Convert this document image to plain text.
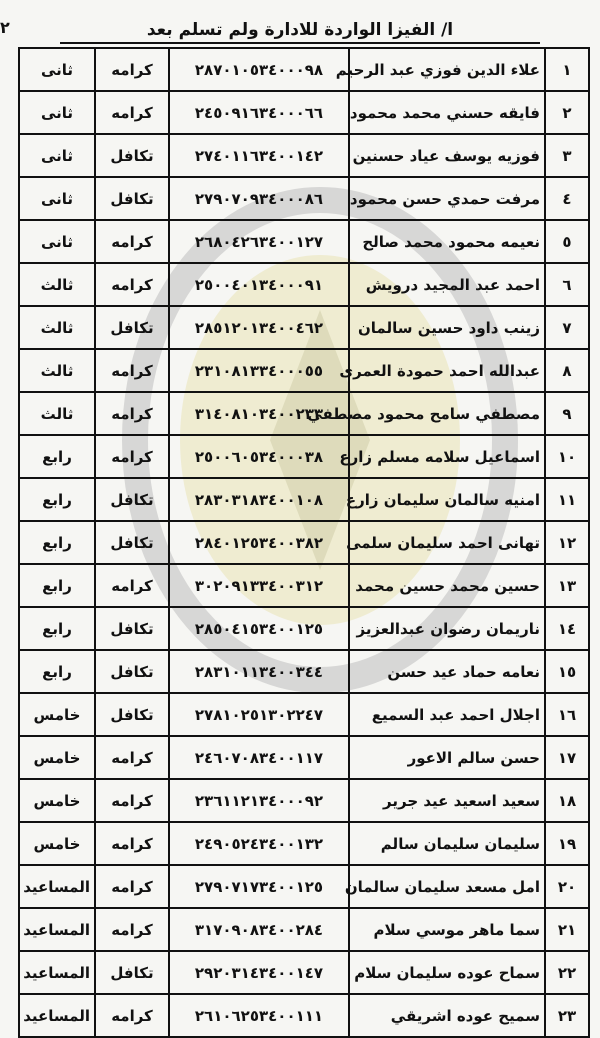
٢	ا/ الفيزا الواردة للادارة ولم تسلم بعد
١	علاء الدين فوزي عبد الرحيم	٢٨٧٠١٠٥٣٤٠٠٠٩٨	كرامه	ثانى
٢	فايقه حسني محمد محمود	٢٤٥٠٩١٦٣٤٠٠٠٦٦	كرامه	ثانى
٣	فوزيه يوسف عياد حسنين	٢٧٤٠١١٦٣٤٠٠١٤٢	تكافل	ثانى
٤	مرفت حمدي حسن محمود	٢٧٩٠٧٠٩٣٤٠٠٠٨٦	تكافل	ثانى
٥	نعيمه محمود محمد صالح	٢٦٨٠٤٢٦٣٤٠٠١٢٧	كرامه	ثانى
٦	احمد عبد المجيد درويش	٢٥٠٠٤٠١٣٤٠٠٠٩١	كرامه	ثالث
٧	زينب داود حسين سالمان	٢٨٥١٢٠١٣٤٠٠٤٦٢	تكافل	ثالث
٨	عبدالله احمد حمودة العمرى	٢٣١٠٨١٣٣٤٠٠٠٥٥	كرامه	ثالث
٩	مصطفي سامح محمود مصطفي	٣١٤٠٨١٠٣٤٠٠٢٣٣	كرامه	ثالث
١٠	اسماعيل سلامه مسلم زارع	٢٥٠٠٦٠٥٣٤٠٠٠٣٨	كرامه	رابع
١١	امنيه سالمان سليمان زارع	٢٨٣٠٣١٨٣٤٠٠١٠٨	تكافل	رابع
١٢	تهانى احمد سليمان سلمى	٢٨٤٠١٢٥٣٤٠٠٣٨٢	تكافل	رابع
١٣	حسين محمد حسين محمد	٣٠٢٠٩١٣٣٤٠٠٣١٢	كرامه	رابع
١٤	ناريمان رضوان عبدالعزيز	٢٨٥٠٤١٥٣٤٠٠١٢٥	تكافل	رابع
١٥	نعامه حماد عيد حسن	٢٨٣١٠١١٣٤٠٠٣٤٤	تكافل	رابع
١٦	اجلال احمد عبد السميع	٢٧٨١٠٢٥١٣٠٢٢٤٧	تكافل	خامس
١٧	حسن سالم الاعور	٢٤٦٠٧٠٨٣٤٠٠١١٧	كرامه	خامس
١٨	سعيد اسعيد عيد جرير	٢٣٦١١٢١٣٤٠٠٠٩٢	كرامه	خامس
١٩	سليمان سليمان سالم	٢٤٩٠٥٢٤٣٤٠٠١٣٢	كرامه	خامس
٢٠	امل مسعد سليمان سالمان	٢٧٩٠٧١٧٣٤٠٠١٢٥	كرامه	المساعيد
٢١	سما ماهر موسي سلام	٣١٧٠٩٠٨٣٤٠٠٢٨٤	كرامه	المساعيد
٢٢	سماح عوده سليمان سلام	٢٩٢٠٣١٤٣٤٠٠١٤٧	تكافل	المساعيد
٢٣	سميح عوده اشريقي	٢٦١٠٦٢٥٣٤٠٠١١١	كرامه	المساعيد
